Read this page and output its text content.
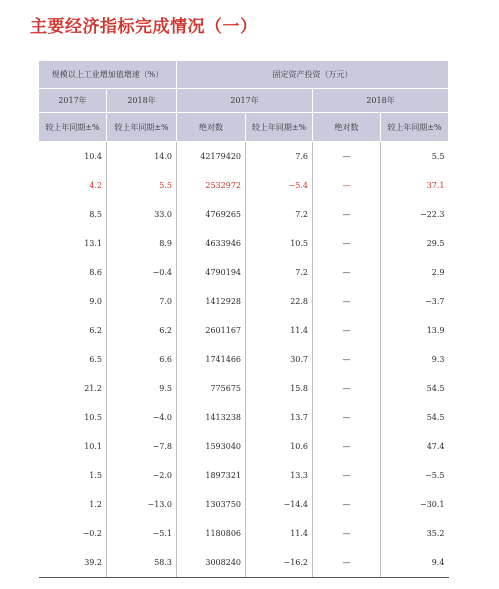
主要经济指标完成情况（一）
规模以上工业增加值增速（%）		固定资产投资（万元）			
2017年	2018年	2017年		2018年	
较上年同期±%	较上年同期±%	绝对数	较上年同期±%	绝对数	较上年同期±%
10.4	14.0	42179420	7.6	—	5.5
4.2	5.5	2532972	−5.4	—	37.1
8.5	33.0	4769265	7.2	—	−22.3
13.1	8.9	4633946	10.5	—	29.5
8.6	−0.4	4790194	7.2	—	2.9
9.0	7.0	1412928	22.8	—	−3.7
6.2	6.2	2601167	11.4	—	13.9
6.5	6.6	1741466	30.7	—	9.3
21.2	9.5	775675	15.8	—	54.5
10.5	−4.0	1413238	13.7	—	54.5
10.1	−7.8	1593040	10.6	—	47.4
1.5	−2.0	1897321	13.3	—	−5.5
1.2	−13.0	1303750	−14.4	—	−30.1
−0.2	−5.1	1180806	11.4	—	35.2
39.2	58.3	3008240	−16.2	—	9.4
